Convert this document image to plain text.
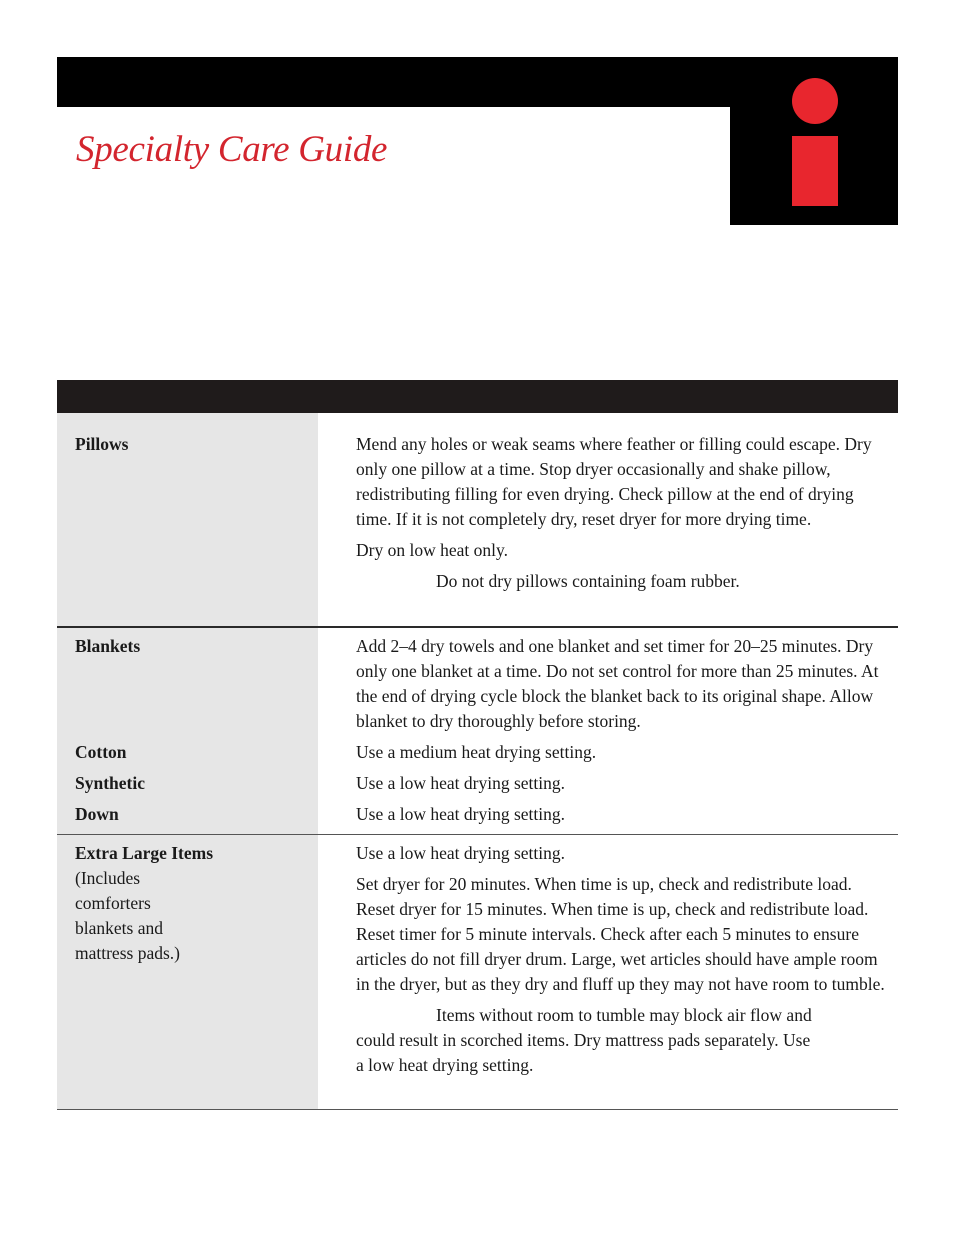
Specialty Care Guide

Pillows	Mend any holes or weak seams where feather or filling could escape. Dry only one pillow at a time. Stop dryer occasionally and shake pillow, redistributing filling for even drying. Check pillow at the end of drying time. If it is not completely dry, reset dryer for more drying time.

Dry on low heat only.

Do not dry pillows containing foam rubber.

Blankets

Cotton

Synthetic

Down

Add 2–4 dry towels and one blanket and set timer for 20–25 minutes. Dry only one blanket at a time. Do not set control for more than 25 minutes. At the end of drying cycle block the blanket back to its original shape. Allow blanket to dry thoroughly before storing.

Use a medium heat drying setting.

Use a low heat drying setting.

Use a low heat drying setting.

Extra Large Items

(Includes

comforters

blankets and

mattress pads.)

Use a low heat drying setting.

Set dryer for 20 minutes. When time is up, check and redistribute load. Reset dryer for 15 minutes. When time is up, check and redistribute load. Reset timer for 5 minute intervals. Check after each 5 minutes to ensure articles do not fill dryer drum. Large, wet articles should have ample room in the dryer, but as they dry and fluff up they may not have room to tumble.

Items without room to tumble may block air flow and

could result in scorched items. Dry mattress pads separately. Use

a low heat drying setting.
